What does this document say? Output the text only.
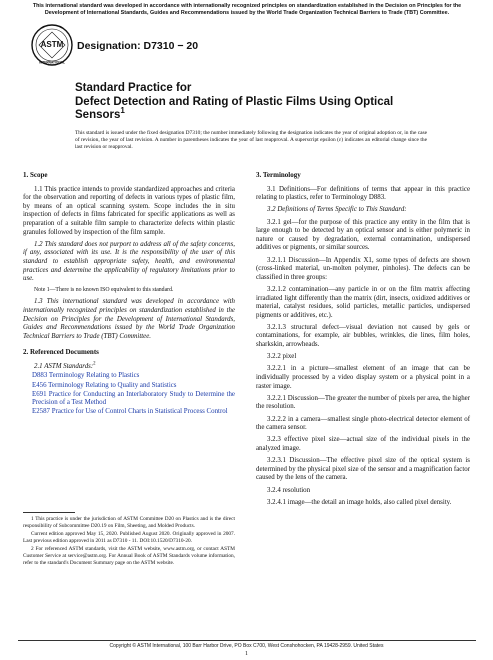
This international standard was developed in accordance with internationally recognized principles on standardization established in the Decision on Principles for the Development of International Standards, Guides and Recommendations issued by the World Trade Organization Technical Barriers to Trade (TBT) Committee.
ASTM
INTERNATIONAL
Designation: D7310 − 20
Standard Practice for
Defect Detection and Rating of Plastic Films Using Optical
Sensors$^1$
This standard is issued under the fixed designation D7310; the number immediately following the designation indicates the year of original adoption or, in the case of revision, the year of last revision. A number in parentheses indicates the year of last reapproval. A superscript epsilon (ε) indicates an editorial change since the last revision or reapproval.
1. Scope

1.1 This practice intends to provide standardized approaches and criteria for the observation and reporting of defects in various types of plastic film, by means of an optical scanning system. Scope includes the in situ inspection of defects in films fabricated for specific applications as well as preparation of a suitable film sample to characterize defects within plastic granules followed by inspection of the film sample.

1.2 This standard does not purport to address all of the safety concerns, if any, associated with its use. It is the responsibility of the user of this standard to establish appropriate safety, health, and environmental practices and determine the applicability of regulatory limitations prior to use.

Note 1—There is no known ISO equivalent to this standard.

1.3 This international standard was developed in accordance with internationally recognized principles on standardization established in the Decision on Principles for the Development of International Standards, Guides and Recommendations issued by the World Trade Organization Technical Barriers to Trade (TBT) Committee.

2. Referenced Documents

2.1 ASTM Standards:$^2$

D883 Terminology Relating to Plastics

E456 Terminology Relating to Quality and Statistics

E691 Practice for Conducting an Interlaboratory Study to Determine the Precision of a Test Method

E2587 Practice for Use of Control Charts in Statistical Process Control

1 This practice is under the jurisdiction of ASTM Committee D20 on Plastics and is the direct responsibility of Subcommittee D20.19 on Film, Sheeting, and Molded Products.

Current edition approved May 15, 2020. Published August 2020. Originally approved in 2007. Last previous edition approved in 2011 as D7310 - 11. DOI:10.1520/D7310-20.

2 For referenced ASTM standards, visit the ASTM website, www.astm.org, or contact ASTM Customer Service at service@astm.org. For Annual Book of ASTM Standards volume information, refer to the standard's Document Summary page on the ASTM website.

3. Terminology

3.1 Definitions—For definitions of terms that appear in this practice relating to plastics, refer to Terminology D883.

3.2 Definitions of Terms Specific to This Standard:

3.2.1 gel—for the purpose of this practice any entity in the film that is large enough to be detected by an optical sensor and is either polymeric in nature or caused by degradation, external contamination, undispersed additives or pigments, or similar sources.

3.2.1.1 Discussion—In Appendix X1, some types of defects are shown (cross-linked material, un-molten polymer, pinholes). The defects can be classified in three groups:

3.2.1.2 contamination—any particle in or on the film matrix affecting irradiated light differently than the matrix (dirt, insects, oxidized additives or material, catalyst residues, solid particles, metallic particles, undispersed pigments or additives, etc.).

3.2.1.3 structural defect—visual deviation not caused by gels or contaminations, for example, air bubbles, wrinkles, die lines, film holes, sharkskin, arrowheads.

3.2.2 pixel

3.2.2.1 in a picture—smallest element of an image that can be individually processed by a video display system or a physical point in a raster image.

3.2.2.1 Discussion—The greater the number of pixels per area, the higher the resolution.

3.2.2.2 in a camera—smallest single photo-electrical detector element of the camera sensor.

3.2.3 effective pixel size—actual size of the individual pixels in the analyzed image.

3.2.3.1 Discussion—The effective pixel size of the optical system is determined by the physical pixel size of the sensor and a magnification factor caused by the lens of the camera.

3.2.4 resolution

3.2.4.1 image—the detail an image holds, also called pixel density.

Copyright © ASTM International, 100 Barr Harbor Drive, PO Box C700, West Conshohocken, PA 19428-2959. United States
1
